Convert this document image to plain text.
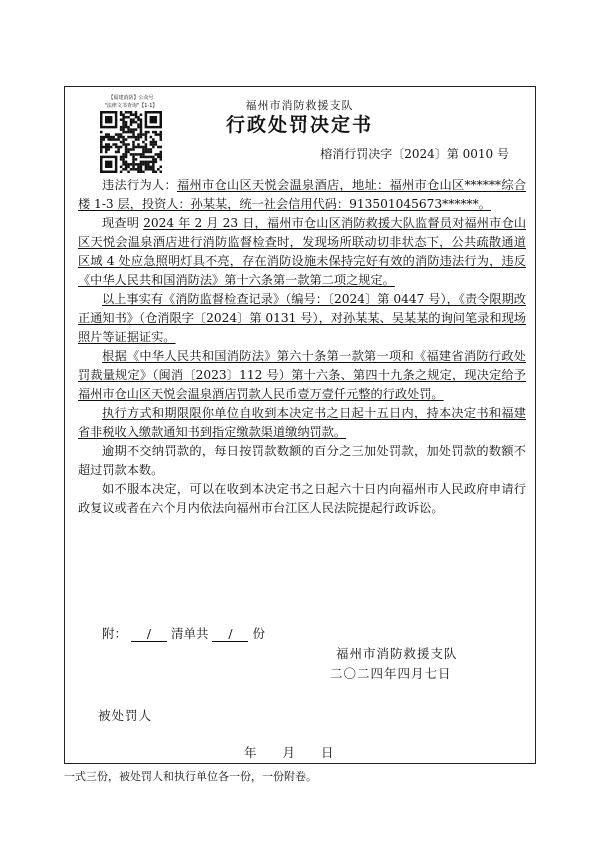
【福建消防】公众号
"法律文书查询"【1-1】	福州市消防救援支队
行政处罚决定书
榕消行罚决字〔2024〕第 0010 号

违法行为人：福州市仓山区天悦会温泉酒店，地址：福州市仓山区******综合楼 1-3 层，投资人：孙某某，统一社会信用代码：913501045673******。

现查明 2024 年 2 月 23 日，福州市仓山区消防救援大队监督员对福州市仓山区天悦会温泉酒店进行消防监督检查时，发现场所联动切非状态下，公共疏散通道区域 4 处应急照明灯具不亮，存在消防设施未保持完好有效的消防违法行为，违反《中华人民共和国消防法》第十六条第一款第二项之规定。

以上事实有《消防监督检查记录》（编号：〔2024〕第 0447 号），《责令限期改正通知书》（仓消限字〔2024〕第 0131 号），对孙某某、吴某某的询问笔录和现场照片等证据证实。

根据《中华人民共和国消防法》第六十条第一款第一项和《福建省消防行政处罚裁量规定》（闽消〔2023〕112 号）第十六条、第四十九条之规定，现决定给予福州市仓山区天悦会温泉酒店罚款人民币壹万壹仟元整的行政处罚。

执行方式和期限限你单位自收到本决定书之日起十五日内，持本决定书和福建省非税收入缴款通知书到指定缴款渠道缴纳罚款。

逾期不交纳罚款的，每日按罚款数额的百分之三加处罚款，加处罚款的数额不超过罚款本数。

如不服本决定，可以在收到本决定书之日起六十日内向福州市人民政府申请行政复议或者在六个月内依法向福州市台江区人民法院提起行政诉讼。

附： / 清单共 / 份
福州市消防救援支队
二〇二四年四月七日
被处罚人
年 月 日
一式三份，被处罚人和执行单位各一份，一份附卷。
